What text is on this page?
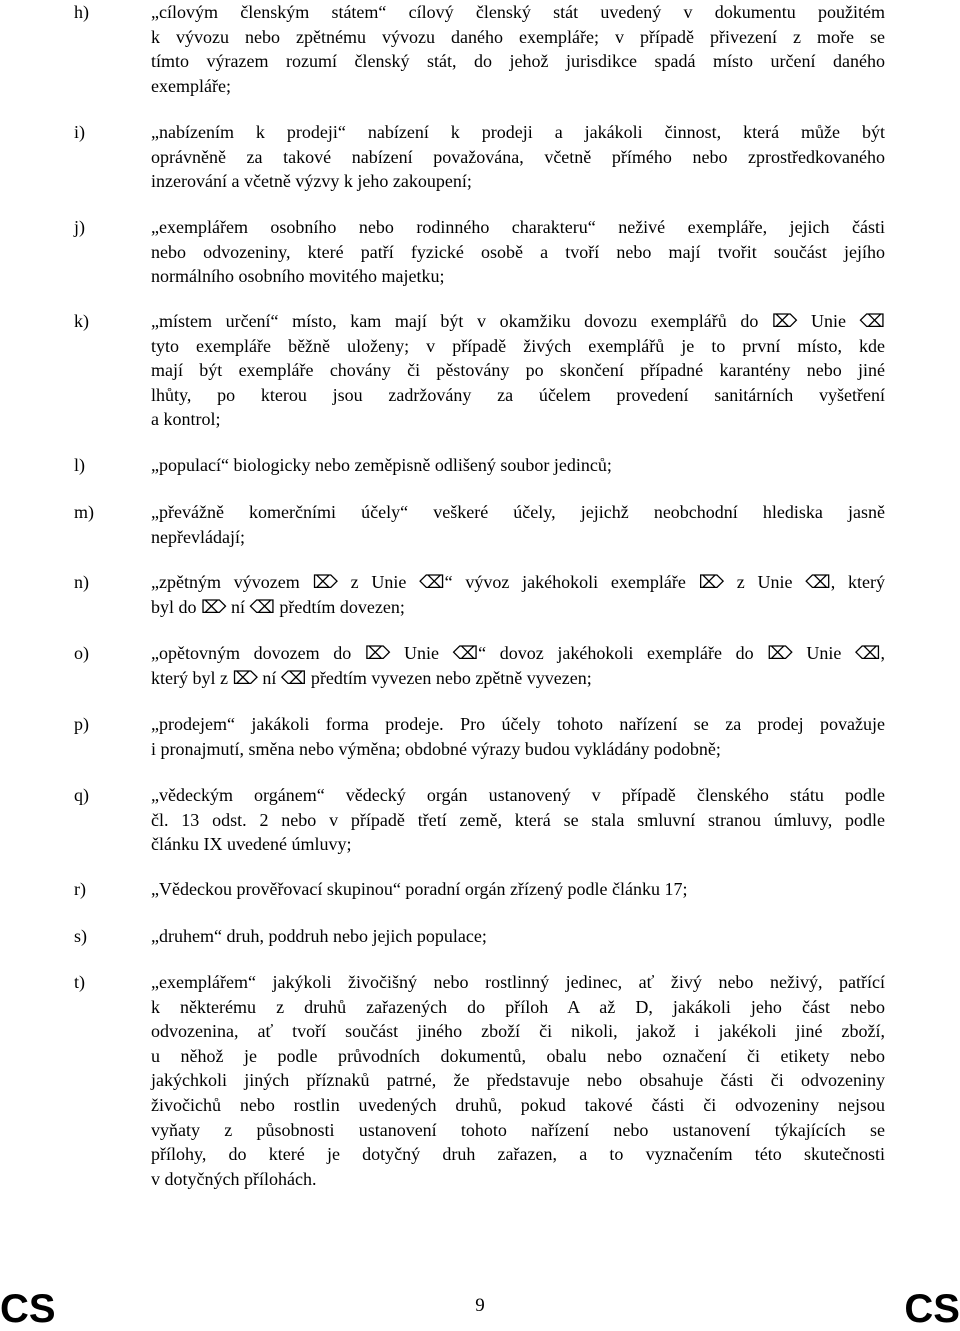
h)	„cílovým členským státem“ cílový členský stát uvedený v dokumentu použitém
k vývozu nebo zpětnému vývozu daného exempláře; v případě přivezení z moře se
tímto výrazem rozumí členský stát, do jehož jurisdikce spadá místo určení daného
exempláře;
i)	„nabízením k prodeji“ nabízení k prodeji a jakákoli činnost, která může být
oprávněně za takové nabízení považována, včetně přímého nebo zprostředkovaného
inzerování a včetně výzvy k jeho zakoupení;
j)	„exemplářem osobního nebo rodinného charakteru“ neživé exempláře, jejich části
nebo odvozeniny, které patří fyzické osobě a tvoří nebo mají tvořit součást jejího
normálního osobního movitého majetku;
k)	„místem určení“ místo, kam mají být v okamžiku dovozu exemplářů do ⌦ Unie ⌫
tyto exempláře běžně uloženy; v případě živých exemplářů je to první místo, kde
mají být exempláře chovány či pěstovány po skončení případné karantény nebo jiné
lhůty, po kterou jsou zadržovány za účelem provedení sanitárních vyšetření
a kontrol;
l)	„populací“ biologicky nebo zeměpisně odlišený soubor jedinců;
m)	„převážně komerčními účely“ veškeré účely, jejichž neobchodní hlediska jasně
nepřevládají;
n)	„zpětným vývozem ⌦ z Unie ⌫“ vývoz jakéhokoli exempláře ⌦ z Unie ⌫, který
byl do ⌦ ní ⌫ předtím dovezen;
o)	„opětovným dovozem do ⌦ Unie ⌫“ dovoz jakéhokoli exempláře do ⌦ Unie ⌫,
který byl z ⌦ ní ⌫ předtím vyvezen nebo zpětně vyvezen;
p)	„prodejem“ jakákoli forma prodeje. Pro účely tohoto nařízení se za prodej považuje
i pronajmutí, směna nebo výměna; obdobné výrazy budou vykládány podobně;
q)	„vědeckým orgánem“ vědecký orgán ustanovený v případě členského státu podle
čl. 13 odst. 2 nebo v případě třetí země, která se stala smluvní stranou úmluvy, podle
článku IX uvedené úmluvy;
r)	„Vědeckou prověřovací skupinou“ poradní orgán zřízený podle článku 17;
s)	„druhem“ druh, poddruh nebo jejich populace;
t)	„exemplářem“ jakýkoli živočišný nebo rostlinný jedinec, ať živý nebo neživý, patřící
k některému z druhů zařazených do příloh A až D, jakákoli jeho část nebo
odvozenina, ať tvoří součást jiného zboží či nikoli, jakož i jakékoli jiné zboží,
u něhož je podle průvodních dokumentů, obalu nebo označení či etikety nebo
jakýchkoli jiných příznaků patrné, že představuje nebo obsahuje části či odvozeniny
živočichů nebo rostlin uvedených druhů, pokud takové části či odvozeniny nejsou
vyňaty z působnosti ustanovení tohoto nařízení nebo ustanovení týkajících se
přílohy, do které je dotyčný druh zařazen, a to vyznačením této skutečnosti
v dotyčných přílohách.
CS	9	CS
